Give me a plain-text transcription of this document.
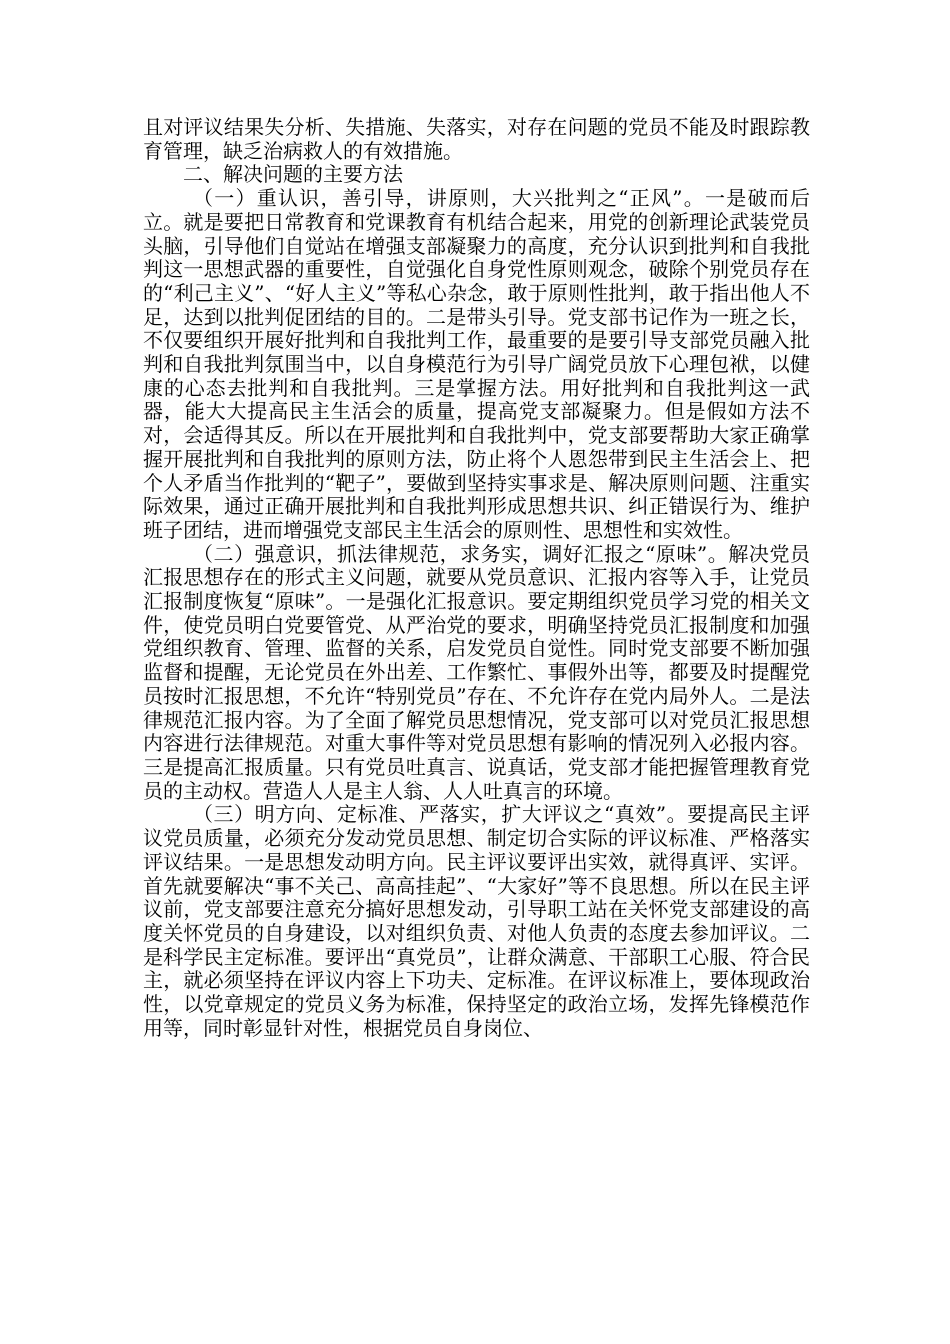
且对评议结果失分析、失措施、失落实，对存在问题的党员不能及时跟踪教育管理，缺乏治病救人的有效措施。

二、解决问题的主要方法

（一）重认识，善引导，讲原则，大兴批判之“正风”。一是破而后立。就是要把日常教育和党课教育有机结合起来，用党的创新理论武装党员头脑，引导他们自觉站在增强支部凝聚力的高度，充分认识到批判和自我批判这一思想武器的重要性，自觉强化自身党性原则观念，破除个别党员存在的“利己主义”、“好人主义”等私心杂念，敢于原则性批判，敢于指出他人不足，达到以批判促团结的目的。二是带头引导。党支部书记作为一班之长，不仅要组织开展好批判和自我批判工作，最重要的是要引导支部党员融入批判和自我批判氛围当中，以自身模范行为引导广阔党员放下心理包袱，以健康的心态去批判和自我批判。三是掌握方法。用好批判和自我批判这一武器，能大大提高民主生活会的质量，提高党支部凝聚力。但是假如方法不对，会适得其反。所以在开展批判和自我批判中，党支部要帮助大家正确掌握开展批判和自我批判的原则方法，防止将个人恩怨带到民主生活会上、把个人矛盾当作批判的“靶子”，要做到坚持实事求是、解决原则问题、注重实际效果，通过正确开展批判和自我批判形成思想共识、纠正错误行为、维护班子团结，进而增强党支部民主生活会的原则性、思想性和实效性。

（二）强意识，抓法律规范，求务实，调好汇报之“原味”。解决党员汇报思想存在的形式主义问题，就要从党员意识、汇报内容等入手，让党员汇报制度恢复“原味”。一是强化汇报意识。要定期组织党员学习党的相关文件，使党员明白党要管党、从严治党的要求，明确坚持党员汇报制度和加强党组织教育、管理、监督的关系，启发党员自觉性。同时党支部要不断加强监督和提醒，无论党员在外出差、工作繁忙、事假外出等，都要及时提醒党员按时汇报思想，不允许“特别党员”存在、不允许存在党内局外人。二是法律规范汇报内容。为了全面了解党员思想情况，党支部可以对党员汇报思想内容进行法律规范。对重大事件等对党员思想有影响的情况列入必报内容。三是提高汇报质量。只有党员吐真言、说真话，党支部才能把握管理教育党员的主动权。营造人人是主人翁、人人吐真言的环境。

（三）明方向、定标准、严落实，扩大评议之“真效”。要提高民主评议党员质量，必须充分发动党员思想、制定切合实际的评议标准、严格落实评议结果。一是思想发动明方向。民主评议要评出实效，就得真评、实评。首先就要解决“事不关己、高高挂起”、“大家好”等不良思想。所以在民主评议前，党支部要注意充分搞好思想发动，引导职工站在关怀党支部建设的高度关怀党员的自身建设，以对组织负责、对他人负责的态度去参加评议。二是科学民主定标准。要评出“真党员”，让群众满意、干部职工心服、符合民主，就必须坚持在评议内容上下功夫、定标准。在评议标准上，要体现政治性，以党章规定的党员义务为标准，保持坚定的政治立场，发挥先锋模范作用等，同时彰显针对性，根据党员自身岗位、
